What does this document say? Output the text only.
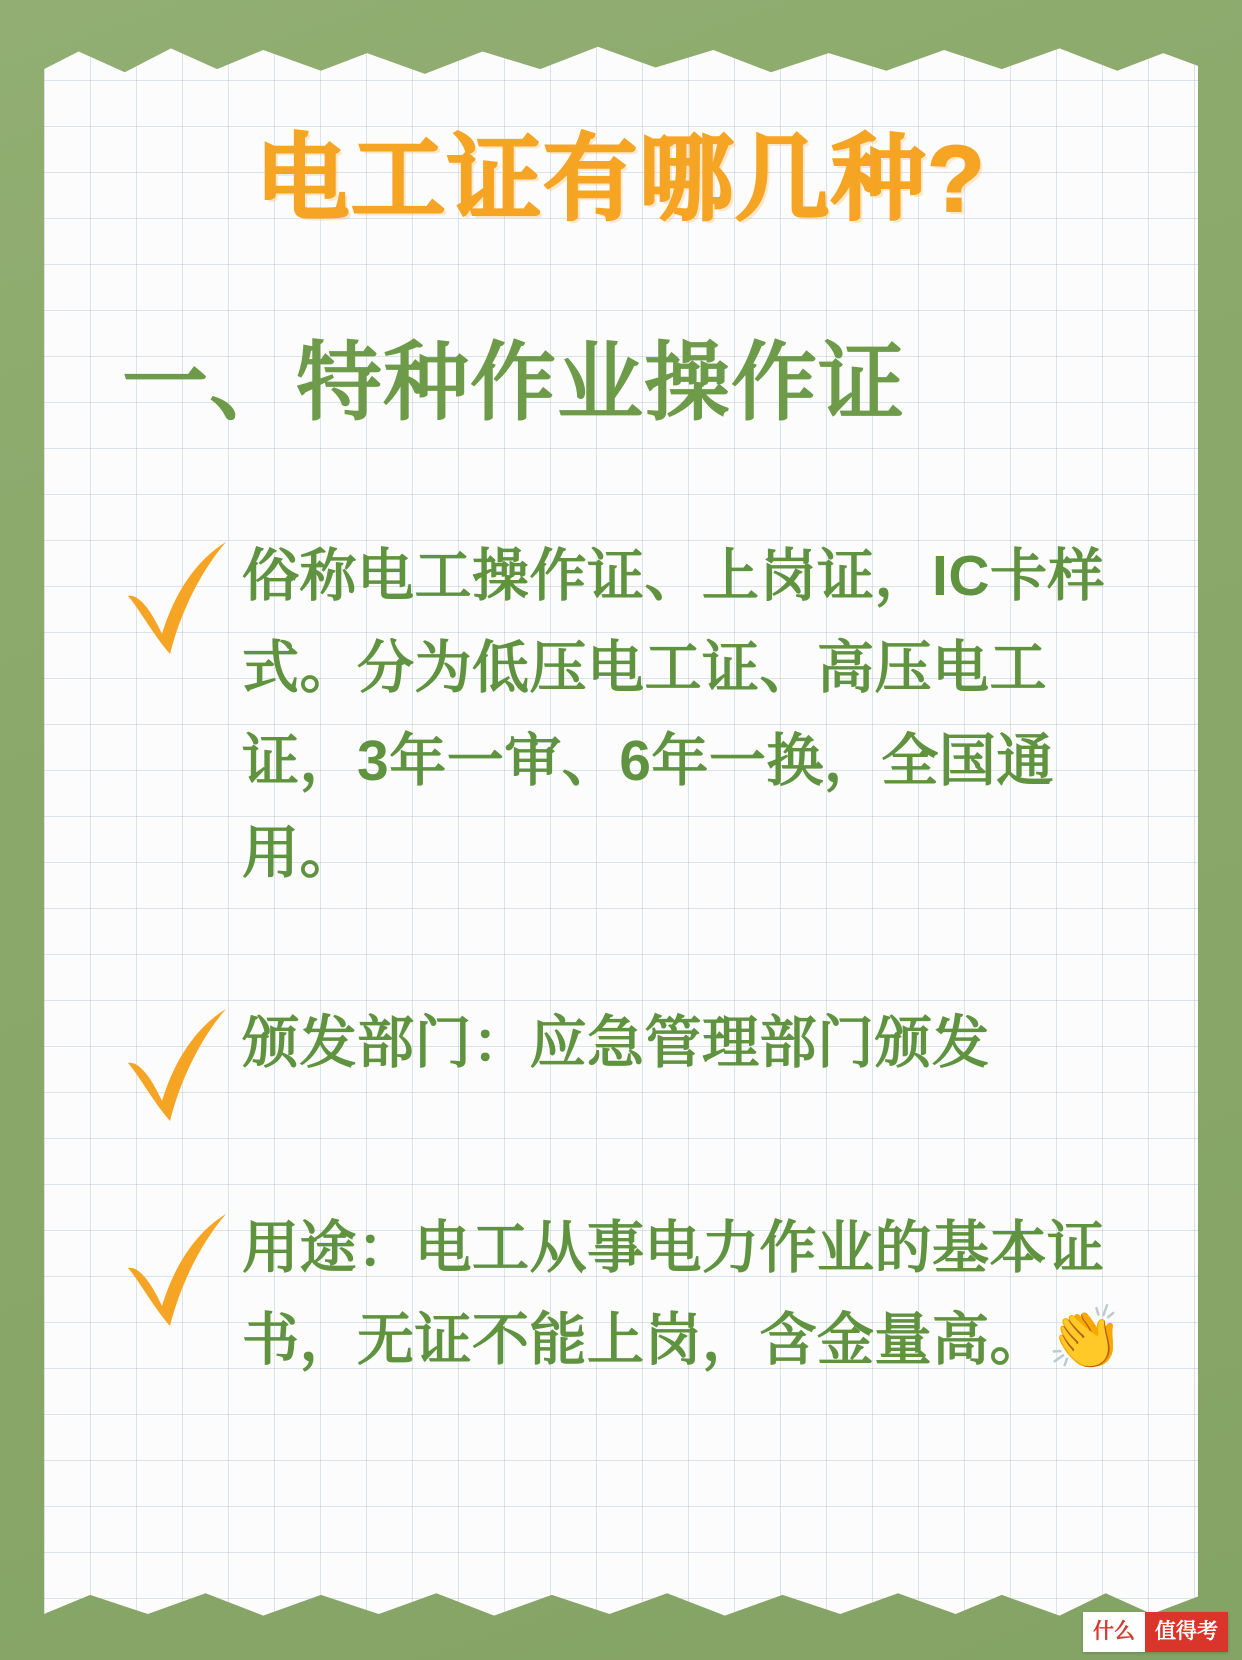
电工证有哪几种?
一、特种作业操作证
俗称电工操作证、上岗证，IC卡样式。分为低压电工证、高压电工证，3年一审、6年一换，全国通用。
颁发部门：应急管理部门颁发
用途：电工从事电力作业的基本证书，无证不能上岗，含金量高。👏
什么 值得考
